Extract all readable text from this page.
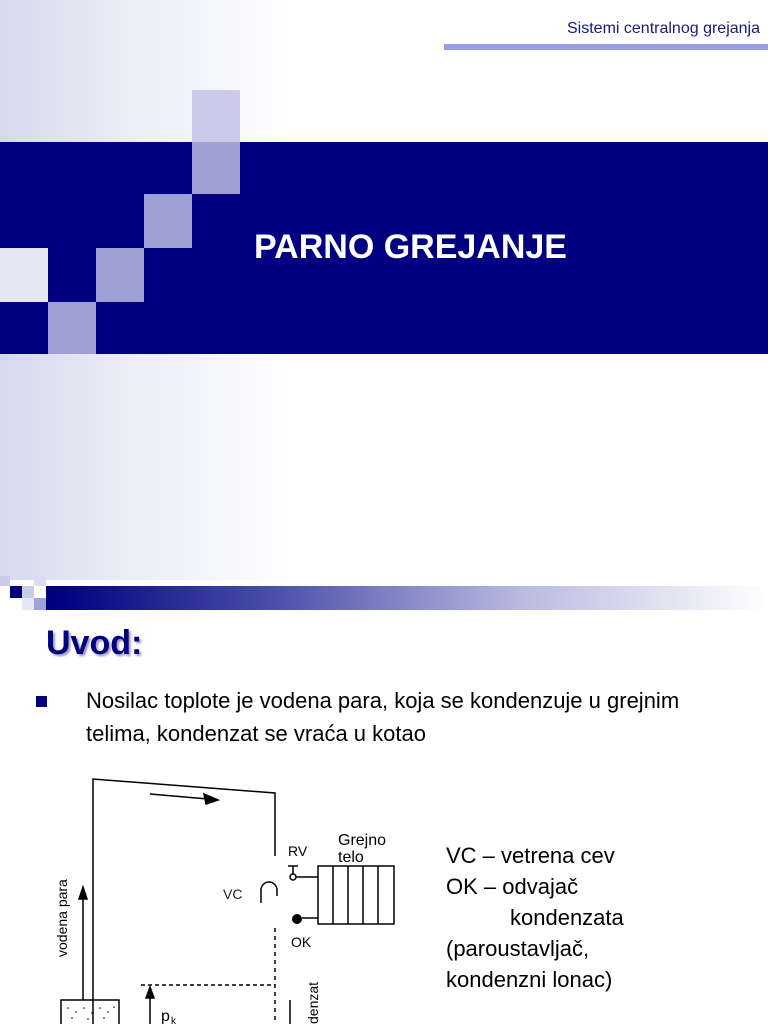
Sistemi centralnog grejanja
PARNO GREJANJE
Uvod:
Nosilac toplote je vodena para, koja se kondenzuje u grejnim telima, kondenzat se vraća u kotao
Grejno
telo
RV
VC
OK
vodena para
p k	denzat
VC – vetrena cev
OK – odvajač
kondenzata
(paroustavljač,
kondenzni lonac)
